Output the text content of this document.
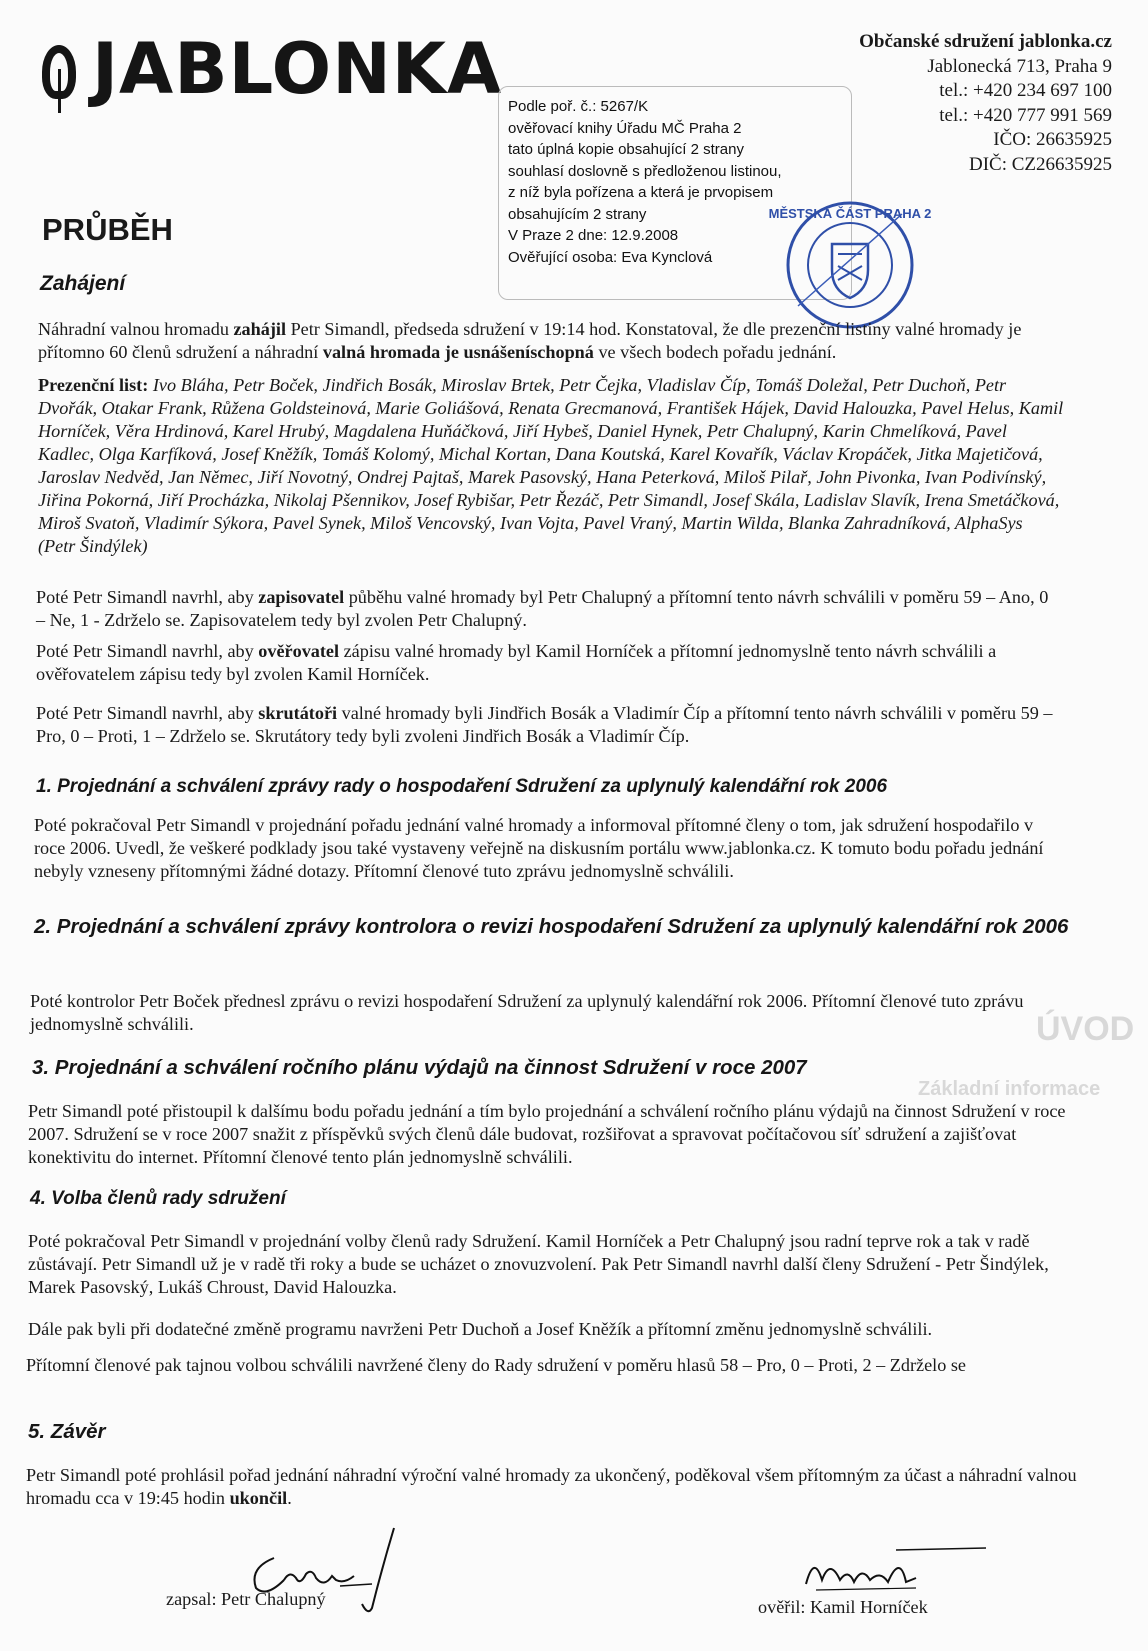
ÚVOD
Základní informace
JABLONKA	Občanské sdružení jablonka.cz
Jablonecká 713, Praha 9
tel.: +420 234 697 100
tel.: +420 777 991 569
IČO: 26635925
DIČ: CZ26635925
Podle poř. č.: 5267/K
ověřovací knihy Úřadu MČ Praha 2
tato úplná kopie obsahující 2 strany
souhlasí doslovně s předloženou listinou,
z níž byla pořízena a která je prvopisem
obsahujícím 2 strany
V Praze 2 dne: 12.9.2008
Ověřující osoba: Eva Kynclová
MĚSTSKÁ ČÁST PRAHA 2
PRŮBĚH
Zahájení

Náhradní valnou hromadu zahájil Petr Simandl, předseda sdružení v 19:14 hod. Konstatoval, že dle prezenční listiny valné hromady je přítomno 60 členů sdružení a náhradní valná hromada je usnášeníschopná ve všech bodech pořadu jednání.

Prezenční list: Ivo Bláha, Petr Boček, Jindřich Bosák, Miroslav Brtek, Petr Čejka, Vladislav Číp, Tomáš Doležal, Petr Duchoň, Petr Dvořák, Otakar Frank, Růžena Goldsteinová, Marie Goliášová, Renata Grecmanová, František Hájek, David Halouzka, Pavel Helus, Kamil Horníček, Věra Hrdinová, Karel Hrubý, Magdalena Huňáčková, Jiří Hybeš, Daniel Hynek, Petr Chalupný, Karin Chmelíková, Pavel Kadlec, Olga Karfíková, Josef Kněžík, Tomáš Kolomý, Michal Kortan, Dana Koutská, Karel Kovařík, Václav Kropáček, Jitka Majetičová, Jaroslav Nedvěd, Jan Němec, Jiří Novotný, Ondrej Pajtaš, Marek Pasovský, Hana Peterková, Miloš Pilař, John Pivonka, Ivan Podivínský, Jiřina Pokorná, Jiří Procházka, Nikolaj Pšennikov, Josef Rybišar, Petr Řezáč, Petr Simandl, Josef Skála, Ladislav Slavík, Irena Smetáčková, Miroš Svatoň, Vladimír Sýkora, Pavel Synek, Miloš Vencovský, Ivan Vojta, Pavel Vraný, Martin Wilda, Blanka Zahradníková, AlphaSys (Petr Šindýlek)

Poté Petr Simandl navrhl, aby zapisovatel půběhu valné hromady byl Petr Chalupný a přítomní tento návrh schválili v poměru 59 – Ano, 0 – Ne, 1 - Zdrželo se. Zapisovatelem tedy byl zvolen Petr Chalupný.

Poté Petr Simandl navrhl, aby ověřovatel zápisu valné hromady byl Kamil Horníček a přítomní jednomyslně tento návrh schválili a ověřovatelem zápisu tedy byl zvolen Kamil Horníček.

Poté Petr Simandl navrhl, aby skrutátoři valné hromady byli Jindřich Bosák a Vladimír Číp a přítomní tento návrh schválili v poměru 59 – Pro, 0 – Proti, 1 – Zdrželo se. Skrutátory tedy byli zvoleni Jindřich Bosák a Vladimír Číp.

1. Projednání a schválení zprávy rady o hospodaření Sdružení za uplynulý kalendářní rok 2006

Poté pokračoval Petr Simandl v projednání pořadu jednání valné hromady a informoval přítomné členy o tom, jak sdružení hospodařilo v roce 2006. Uvedl, že veškeré podklady jsou také vystaveny veřejně na diskusním portálu www.jablonka.cz. K tomuto bodu pořadu jednání nebyly vzneseny přítomnými žádné dotazy. Přítomní členové tuto zprávu jednomyslně schválili.

2. Projednání a schválení zprávy kontrolora o revizi hospodaření Sdružení za uplynulý kalendářní rok 2006

Poté kontrolor Petr Boček přednesl zprávu o revizi hospodaření Sdružení za uplynulý kalendářní rok 2006. Přítomní členové tuto zprávu jednomyslně schválili.

3. Projednání a schválení ročního plánu výdajů na činnost Sdružení v roce 2007

Petr Simandl poté přistoupil k dalšímu bodu pořadu jednání a tím bylo projednání a schválení ročního plánu výdajů na činnost Sdružení v roce 2007. Sdružení se v roce 2007 snažit z příspěvků svých členů dále budovat, rozšiřovat a spravovat počítačovou síť sdružení a zajišťovat konektivitu do internet. Přítomní členové tento plán jednomyslně schválili.

4. Volba členů rady sdružení

Poté pokračoval Petr Simandl v projednání volby členů rady Sdružení. Kamil Horníček a Petr Chalupný jsou radní teprve rok a tak v radě zůstávají. Petr Simandl už je v radě tři roky a bude se ucházet o znovuzvolení. Pak Petr Simandl navrhl další členy Sdružení - Petr Šindýlek, Marek Pasovský, Lukáš Chroust, David Halouzka.

Dále pak byli při dodatečné změně programu navrženi Petr Duchoň a Josef Kněžík a přítomní změnu jednomyslně schválili.

Přítomní členové pak tajnou volbou schválili navržené členy do Rady sdružení v poměru hlasů 58 – Pro, 0 – Proti, 2 – Zdrželo se

5. Závěr

Petr Simandl poté prohlásil pořad jednání náhradní výroční valné hromady za ukončený, poděkoval všem přítomným za účast a náhradní valnou hromadu cca v 19:45 hodin ukončil.

zapsal: Petr Chalupný	ověřil: Kamil Horníček
